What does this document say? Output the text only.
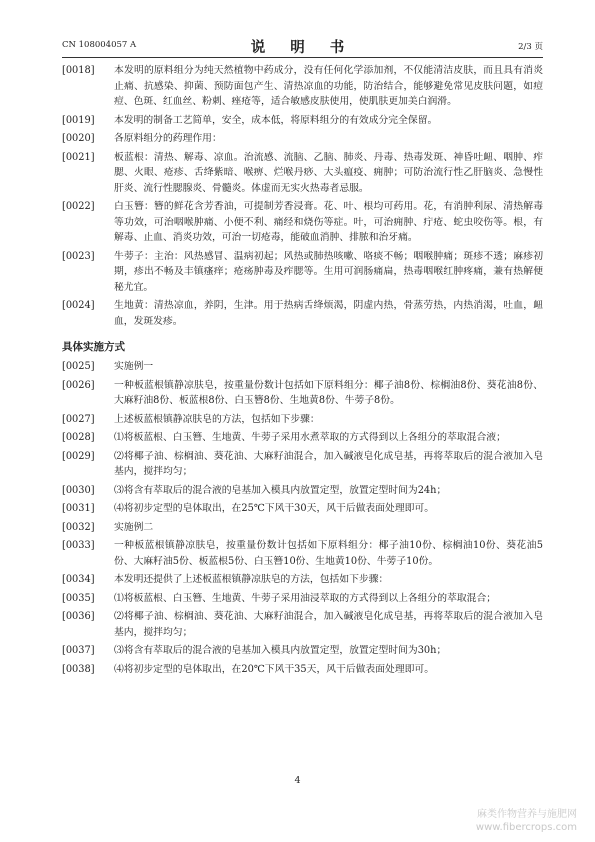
CN 108004057 A	说 明 书	2/3 页
[0018] 本发明的原料组分为纯天然植物中药成分，没有任何化学添加剂，不仅能清洁皮肤，而且具有消炎止痛、抗感染、抑菌、预防面包产生、清热凉血的功能，防治结合，能够避免常见皮肤问题，如痘痘、色斑、红血丝、粉刺、痤疮等，适合敏感皮肤使用，使肌肤更加美白润滑。
[0019] 本发明的制备工艺简单，安全，成本低，将原料组分的有效成分完全保留。
[0020] 各原料组分的药理作用：
[0021] 板蓝根：清热、解毒、凉血。治流感、流脑、乙脑、肺炎、丹毒、热毒发斑、神昏吐衄、咽肿、痄腮、火眼、疮疹、舌绛紫暗、喉痹、烂喉丹痧、大头瘟疫、痈肿；可防治流行性乙肝脑炎、急慢性肝炎、流行性腮腺炎、骨髓炎。体虚而无实火热毒者忌服。
[0022] 白玉簪：簪的鲜花含芳香油，可提制芳香浸膏。花、叶、根均可药用。花，有消肿利尿、清热解毒等功效，可治咽喉肿痛、小便不利、痛经和烧伤等症。叶，可治痈肿、疔疮、蛇虫咬伤等。根，有解毒、止血、消炎功效，可治一切疮毒，能破血消肿、排脓和治牙痛。
[0023] 牛蒡子：主治：风热感冒、温病初起；风热或肺热咳嗽、咯痰不畅；咽喉肿痛；斑疹不透；麻疹初期，疹出不畅及丰镇瘙痒；疮疡肿毒及痄腮等。生用可润肠痛扁，热毒咽喉红肿疼痛，兼有热解便秘尤宜。
[0024] 生地黄：清热凉血，养阴，生津。用于热病舌绛烦渴，阴虚内热，骨蒸劳热，内热消渴，吐血，衄血，发斑发疹。
具体实施方式
[0025] 实施例一
[0026] 一种板蓝根镇静凉肤皂，按重量份数计包括如下原料组分：椰子油8份、棕榈油8份、葵花油8份、大麻籽油8份、板蓝根8份、白玉簪8份、生地黄8份、牛蒡子8份。
[0027] 上述板蓝根镇静凉肤皂的方法，包括如下步骤：
[0028] ⑴将板蓝根、白玉簪、生地黄、牛蒡子采用水煮萃取的方式得到以上各组分的萃取混合液；
[0029] ⑵将椰子油、棕榈油、葵花油、大麻籽油混合，加入碱液皂化成皂基，再将萃取后的混合液加入皂基内，搅拌均匀；
[0030] ⑶将含有萃取后的混合液的皂基加入模具内放置定型，放置定型时间为24h；
[0031] ⑷将初步定型的皂体取出，在25℃下风干30天，风干后做表面处理即可。
[0032] 实施例二
[0033] 一种板蓝根镇静凉肤皂，按重量份数计包括如下原料组分：椰子油10份、棕榈油10份、葵花油5份、大麻籽油5份、板蓝根5份、白玉簪10份、生地黄10份、牛蒡子10份。
[0034] 本发明还提供了上述板蓝根镇静凉肤皂的方法，包括如下步骤：
[0035] ⑴将板蓝根、白玉簪、生地黄、牛蒡子采用油浸萃取的方式得到以上各组分的萃取混合；
[0036] ⑵将椰子油、棕榈油、葵花油、大麻籽油混合，加入碱液皂化成皂基，再将萃取后的混合液加入皂基内，搅拌均匀；
[0037] ⑶将含有萃取后的混合液的皂基加入模具内放置定型，放置定型时间为30h；
[0038] ⑷将初步定型的皂体取出，在20℃下风干35天，风干后做表面处理即可。
4
麻类作物营养与施肥网
www.fibercrops.com
